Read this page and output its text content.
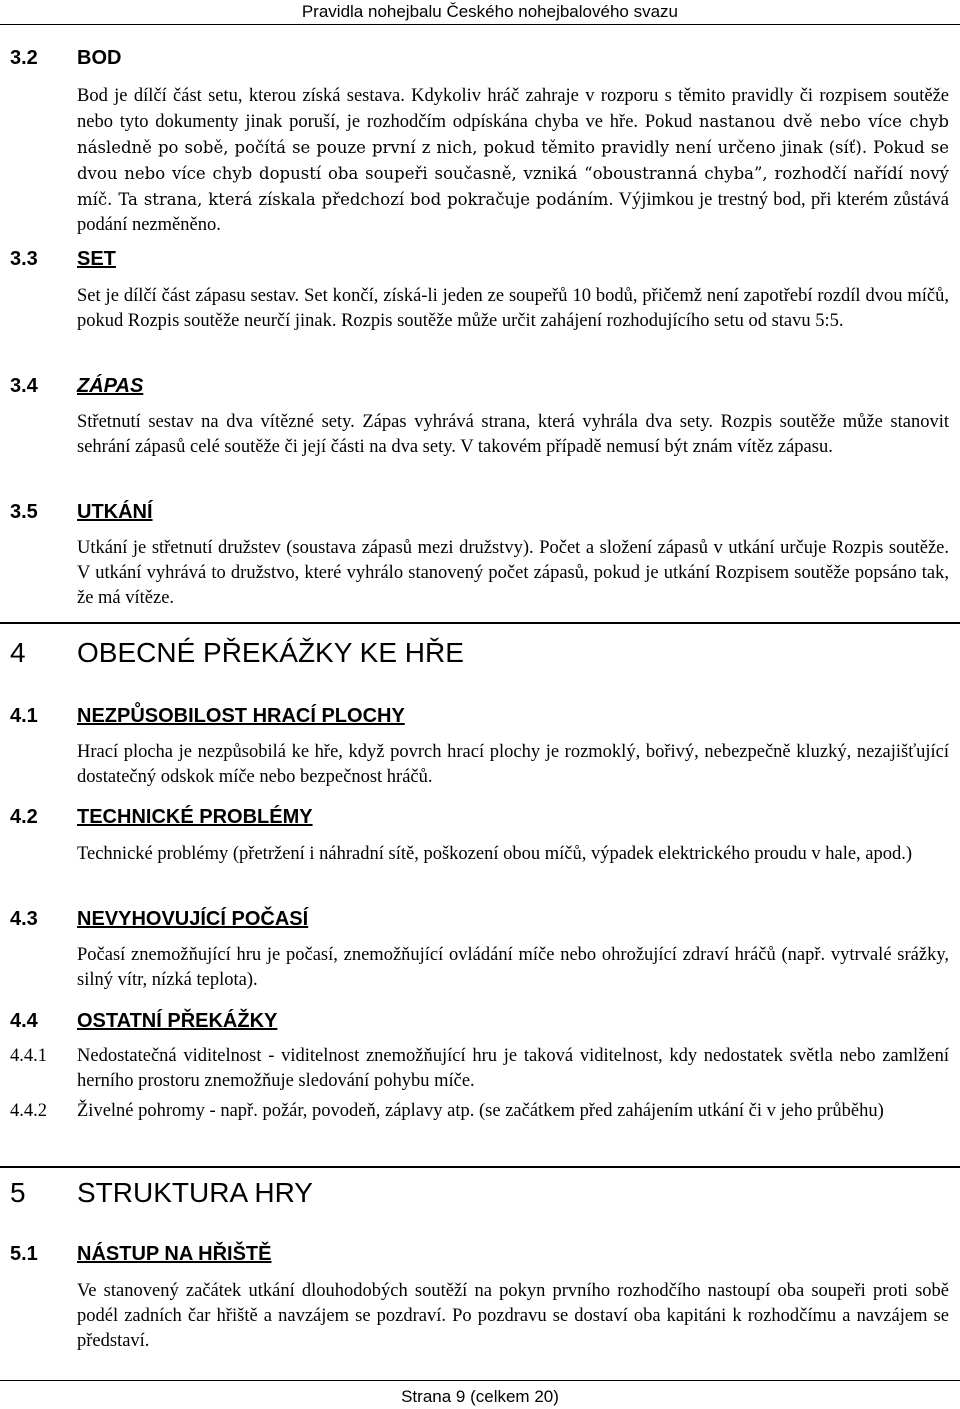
Pravidla nohejbalu Českého nohejbalového svazu
3.2 BOD
Bod je dílčí část setu, kterou získá sestava. Kdykoliv hráč zahraje v rozporu s těmito pravidly či rozpisem soutěže nebo tyto dokumenty jinak poruší, je rozhodčím odpískána chyba ve hře. Pokud nastanou dvě nebo více chyb následně po sobě, počítá se pouze první z nich, pokud těmito pravidly není určeno jinak (síť). Pokud se dvou nebo více chyb dopustí oba soupeři současně, vzniká “oboustranná chyba”, rozhodčí nařídí nový míč. Ta strana, která získala předchozí bod pokračuje podáním. Výjimkou je trestný bod, při kterém zůstává podání nezměněno.
3.3 SET
Set je dílčí část zápasu sestav. Set končí, získá-li jeden ze soupeřů 10 bodů, přičemž není zapotřebí rozdíl dvou míčů, pokud Rozpis soutěže neurčí jinak. Rozpis soutěže může určit zahájení rozhodujícího setu od stavu 5:5.
3.4 ZÁPAS
Střetnutí sestav na dva vítězné sety. Zápas vyhrává strana, která vyhrála dva sety. Rozpis soutěže může stanovit sehrání zápasů celé soutěže či její části na dva sety. V takovém případě nemusí být znám vítěz zápasu.
3.5 UTKÁNÍ
Utkání je střetnutí družstev (soustava zápasů mezi družstvy). Počet a složení zápasů v utkání určuje Rozpis soutěže. V utkání vyhrává to družstvo, které vyhrálo stanovený počet zápasů, pokud je utkání Rozpisem soutěže popsáno tak, že má vítěze.
4 OBECNÉ PŘEKÁŽKY KE HŘE
4.1 NEZPŮSOBILOST HRACÍ PLOCHY
Hrací plocha je nezpůsobilá ke hře, když povrch hrací plochy je rozmoklý, bořivý, nebezpečně kluzký, nezajišťující dostatečný odskok míče nebo bezpečnost hráčů.
4.2 TECHNICKÉ PROBLÉMY
Technické problémy (přetržení i náhradní sítě, poškození obou míčů, výpadek elektrického proudu v hale, apod.)
4.3 NEVYHOVUJÍCÍ POČASÍ
Počasí znemožňující hru je počasí, znemožňující ovládání míče nebo ohrožující zdraví hráčů (např. vytrvalé srážky, silný vítr, nízká teplota).
4.4 OSTATNÍ PŘEKÁŽKY
4.4.1 Nedostatečná viditelnost - viditelnost znemožňující hru je taková viditelnost, kdy nedostatek světla nebo zamlžení herního prostoru znemožňuje sledování pohybu míče.
4.4.2 Živelné pohromy - např. požár, povodeň, záplavy atp. (se začátkem před zahájením utkání či v jeho průběhu)
5 STRUKTURA HRY
5.1 NÁSTUP NA HŘIŠTĚ
Ve stanovený začátek utkání dlouhodobých soutěží na pokyn prvního rozhodčího nastoupí oba soupeři proti sobě podél zadních čar hřiště a navzájem se pozdraví. Po pozdravu se dostaví oba kapitáni k rozhodčímu a navzájem se představí.
Strana 9 (celkem 20)
